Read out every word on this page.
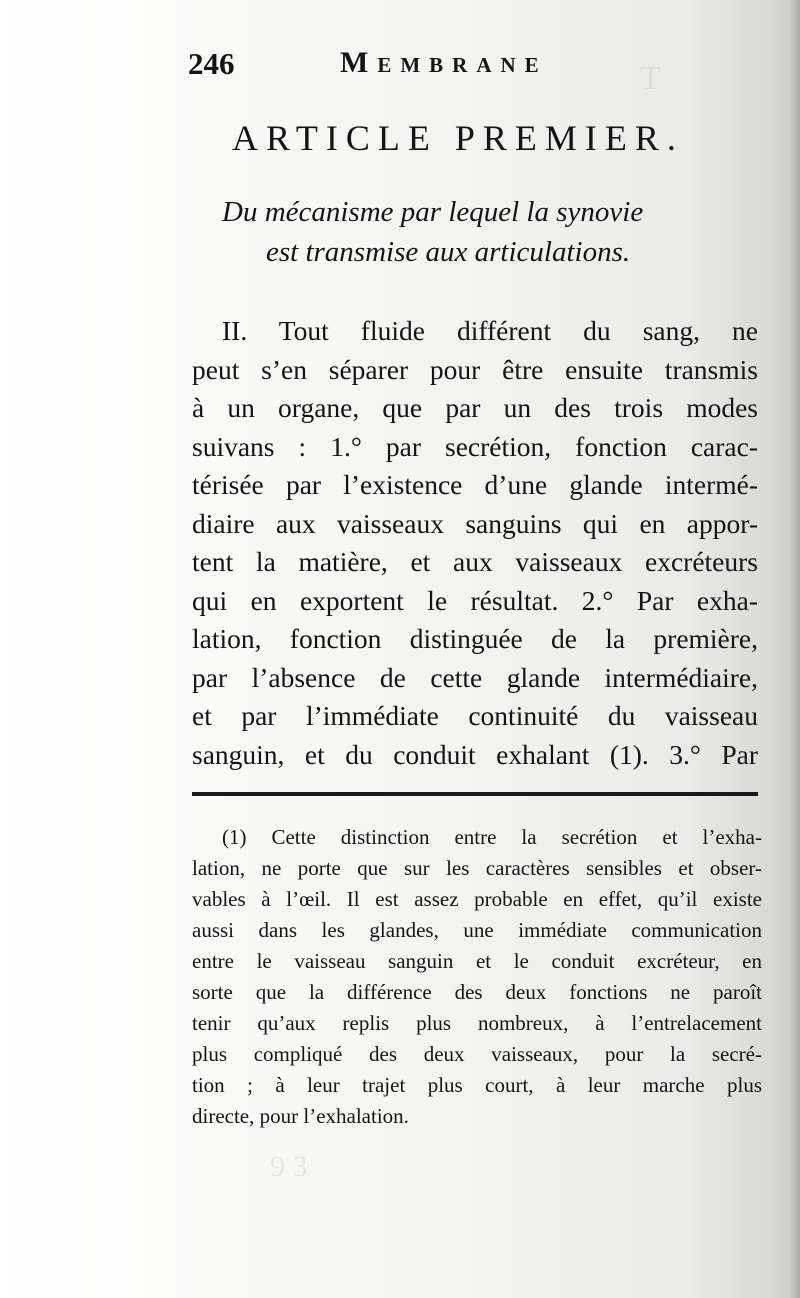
T
9 3
246	Membrane
ARTICLE PREMIER.
Du mécanisme par lequel la synovie
est transmise aux articulations.
II. Tout fluide différent du sang, ne
peut s’en séparer pour être ensuite transmis
à un organe, que par un des trois modes
suivans : 1.° par secrétion, fonction carac-
térisée par l’existence d’une glande intermé-
diaire aux vaisseaux sanguins qui en appor-
tent la matière, et aux vaisseaux excréteurs
qui en exportent le résultat. 2.° Par exha-
lation, fonction distinguée de la première,
par l’absence de cette glande intermédiaire,
et par l’immédiate continuité du vaisseau
sanguin, et du conduit exhalant (1). 3.° Par
(1) Cette distinction entre la secrétion et l’exha-
lation, ne porte que sur les caractères sensibles et obser-
vables à l’œil. Il est assez probable en effet, qu’il existe
aussi dans les glandes, une immédiate communication
entre le vaisseau sanguin et le conduit excréteur, en
sorte que la différence des deux fonctions ne paroît
tenir qu’aux replis plus nombreux, à l’entrelacement
plus compliqué des deux vaisseaux, pour la secré-
tion ; à leur trajet plus court, à leur marche plus
directe, pour l’exhalation.
